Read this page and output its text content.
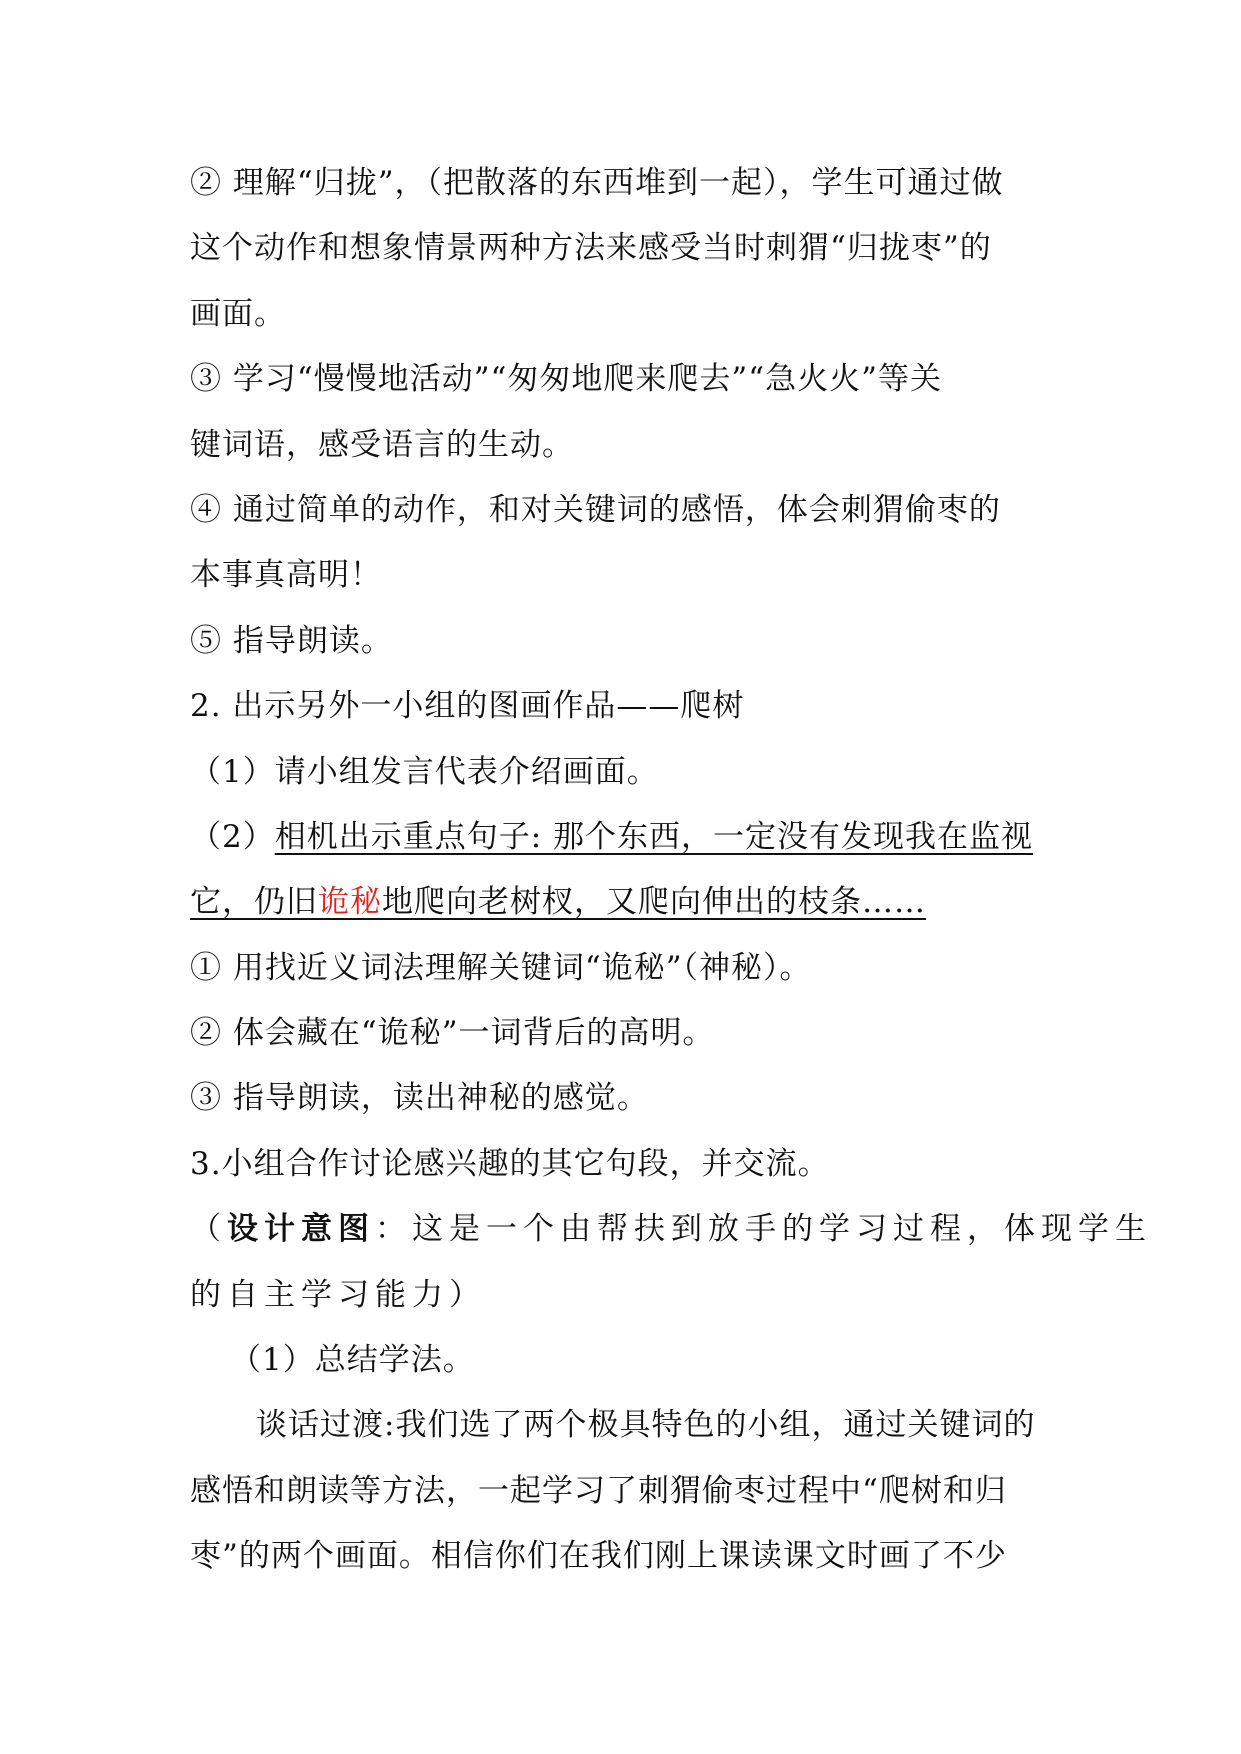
② 理解“归拢”，（把散落的东西堆到一起），学生可通过做
这个动作和想象情景两种方法来感受当时刺猬“归拢枣”的
画面。
③ 学习“慢慢地活动”“匆匆地爬来爬去”“急火火”等关
键词语，感受语言的生动。
④ 通过简单的动作，和对关键词的感悟，体会刺猬偷枣的
本事真高明！
⑤ 指导朗读。
2. 出示另外一小组的图画作品——爬树
（1）请小组发言代表介绍画面。
（2）相机出示重点句子: 那个东西，一定没有发现我在监视
它，仍旧诡秘地爬向老树杈，又爬向伸出的枝条……
① 用找近义词法理解关键词“诡秘”（神秘）。
② 体会藏在“诡秘”一词背后的高明。
③ 指导朗读，读出神秘的感觉。
3.小组合作讨论感兴趣的其它句段，并交流。
（设计意图：这是一个由帮扶到放手的学习过程，体现学生
的自主学习能力）
（1）总结学法。
谈话过渡:我们选了两个极具特色的小组，通过关键词的
感悟和朗读等方法，一起学习了刺猬偷枣过程中“爬树和归
枣”的两个画面。相信你们在我们刚上课读课文时画了不少
